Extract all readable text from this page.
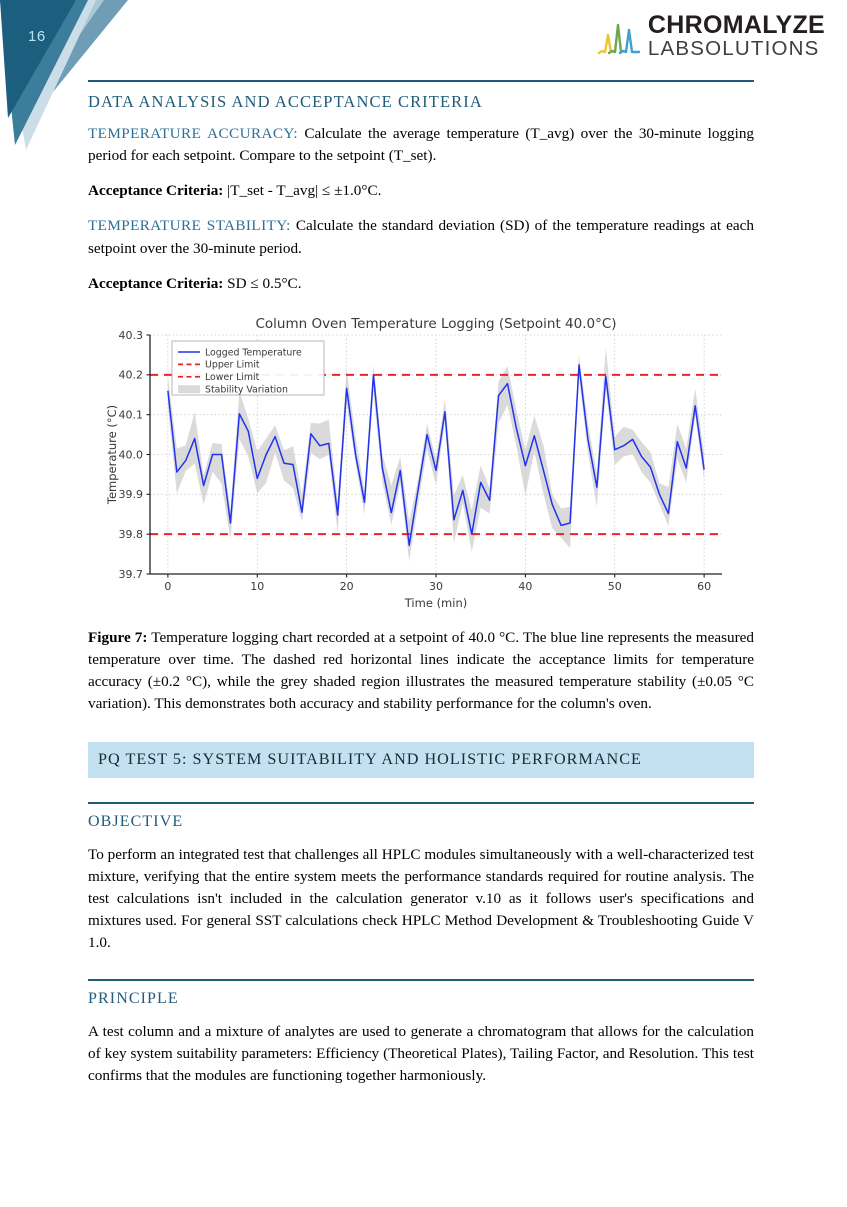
16	CHROMALYZE
LABSOLUTIONS
DATA ANALYSIS AND ACCEPTANCE CRITERIA

TEMPERATURE ACCURACY: Calculate the average temperature (T_avg) over the 30-minute logging period for each setpoint. Compare to the setpoint (T_set).

Acceptance Criteria: |T_set - T_avg| ≤ ±1.0°C.

TEMPERATURE STABILITY: Calculate the standard deviation (SD) of the temperature readings at each setpoint over the 30-minute period.

Acceptance Criteria: SD ≤ 0.5°C.

39.7
39.8
39.9
40.0
40.1
40.2
40.3
0	10	20	30	40	50	60
Column Oven Temperature Logging (Setpoint 40.0°C)
Time (min)
Temperature (°C)
Logged Temperature
Upper Limit
Lower Limit
Stability Variation

Figure 7: Temperature logging chart recorded at a setpoint of 40.0 °C. The blue line represents the measured temperature over time. The dashed red horizontal lines indicate the acceptance limits for temperature accuracy (±0.2 °C), while the grey shaded region illustrates the measured temperature stability (±0.05 °C variation). This demonstrates both accuracy and stability performance for the column's oven.

PQ TEST 5: SYSTEM SUITABILITY AND HOLISTIC PERFORMANCE
OBJECTIVE

To perform an integrated test that challenges all HPLC modules simultaneously with a well-characterized test mixture, verifying that the entire system meets the performance standards required for routine analysis. The test calculations isn't included in the calculation generator v.10 as it follows user's specifications and mixtures used. For general SST calculations check HPLC Method Development & Troubleshooting Guide V 1.0.

PRINCIPLE

A test column and a mixture of analytes are used to generate a chromatogram that allows for the calculation of key system suitability parameters: Efficiency (Theoretical Plates), Tailing Factor, and Resolution. This test confirms that the modules are functioning together harmoniously.
